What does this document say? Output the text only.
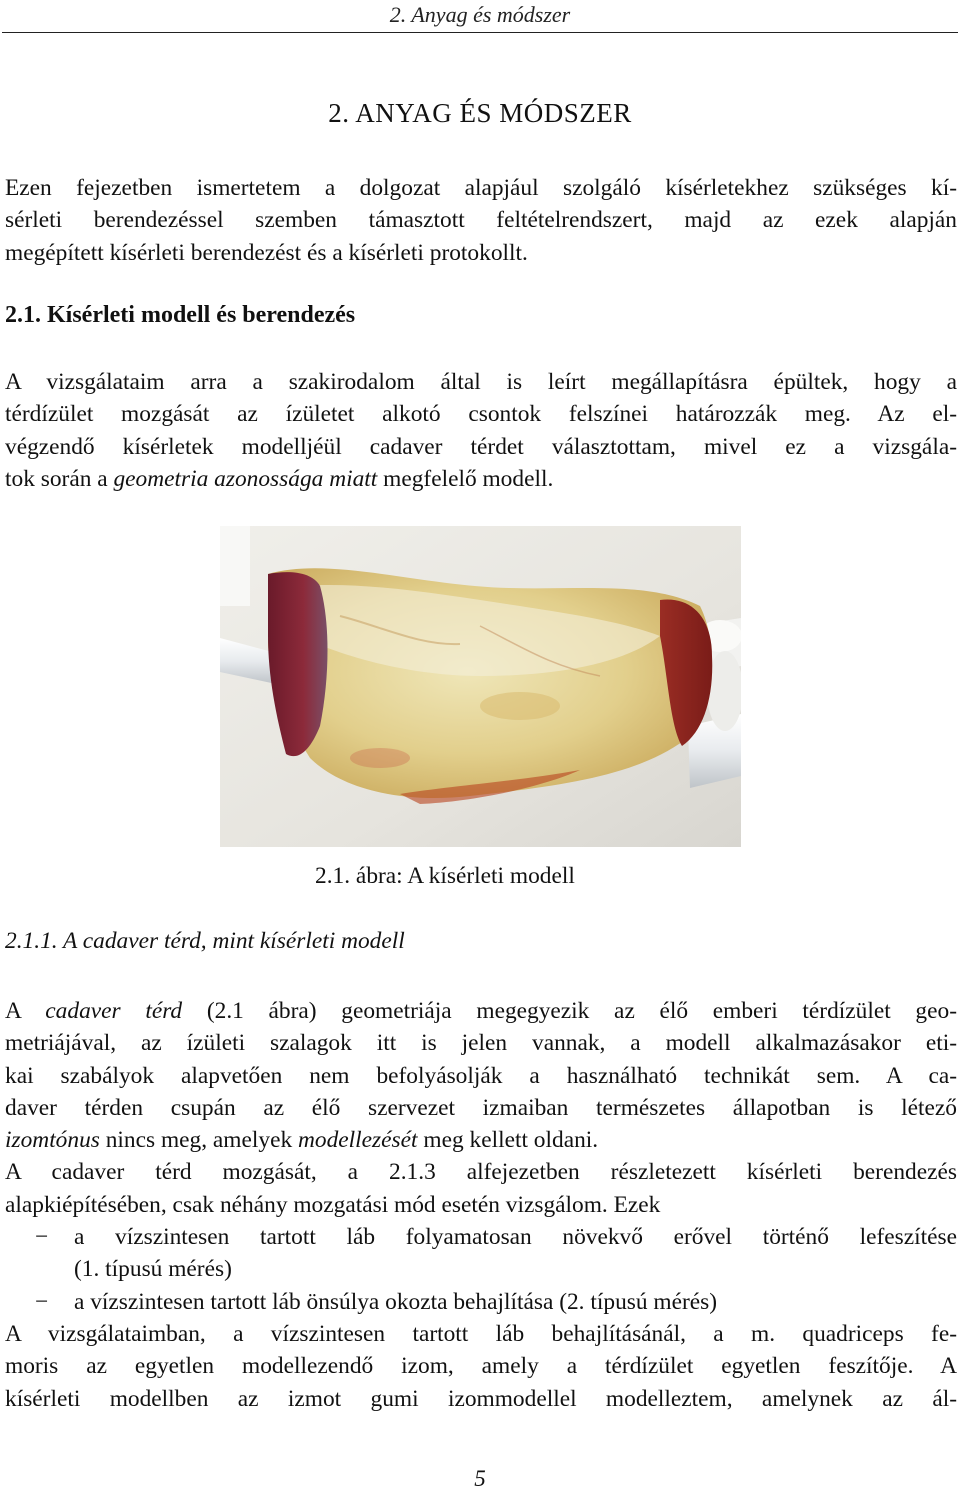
2. Anyag és módszer
2. ANYAG ÉS MÓDSZER
Ezen fejezetben ismertetem a dolgozat alapjául szolgáló kísérletekhez szükséges kí-
sérleti berendezéssel szemben támasztott feltételrendszert, majd az ezek alapján
megépített kísérleti berendezést és a kísérleti protokollt.
2.1. Kísérleti modell és berendezés
A vizsgálataim arra a szakirodalom által is leírt megállapításra épültek, hogy a
térdízület mozgását az ízületet alkotó csontok felszínei határozzák meg. Az el-
végzendő kísérletek modelljéül cadaver térdet választottam, mivel ez a vizsgála-
tok során a geometria azonossága miatt megfelelő modell.
2.1. ábra: A kísérleti modell
2.1.1. A cadaver térd, mint kísérleti modell
A cadaver térd (2.1 ábra) geometriája megegyezik az élő emberi térdízület geo-
metriájával, az ízületi szalagok itt is jelen vannak, a modell alkalmazásakor eti-
kai szabályok alapvetően nem befolyásolják a használható technikát sem. A ca-
daver térden csupán az élő szervezet izmaiban természetes állapotban is létező
izomtónus nincs meg, amelyek modellezését meg kellett oldani.
A cadaver térd mozgását, a 2.1.3 alfejezetben részletezett kísérleti berendezés
alapkiépítésében, csak néhány mozgatási mód esetén vizsgálom. Ezek
− a vízszintesen tartott láb folyamatosan növekvő erővel történő lefeszítése
(1. típusú mérés)
− a vízszintesen tartott láb önsúlya okozta behajlítása (2. típusú mérés)
A vizsgálataimban, a vízszintesen tartott láb behajlításánál, a m. quadriceps fe-
moris az egyetlen modellezendő izom, amely a térdízület egyetlen feszítője. A
kísérleti modellben az izmot gumi izommodellel modelleztem, amelynek az ál-
5
